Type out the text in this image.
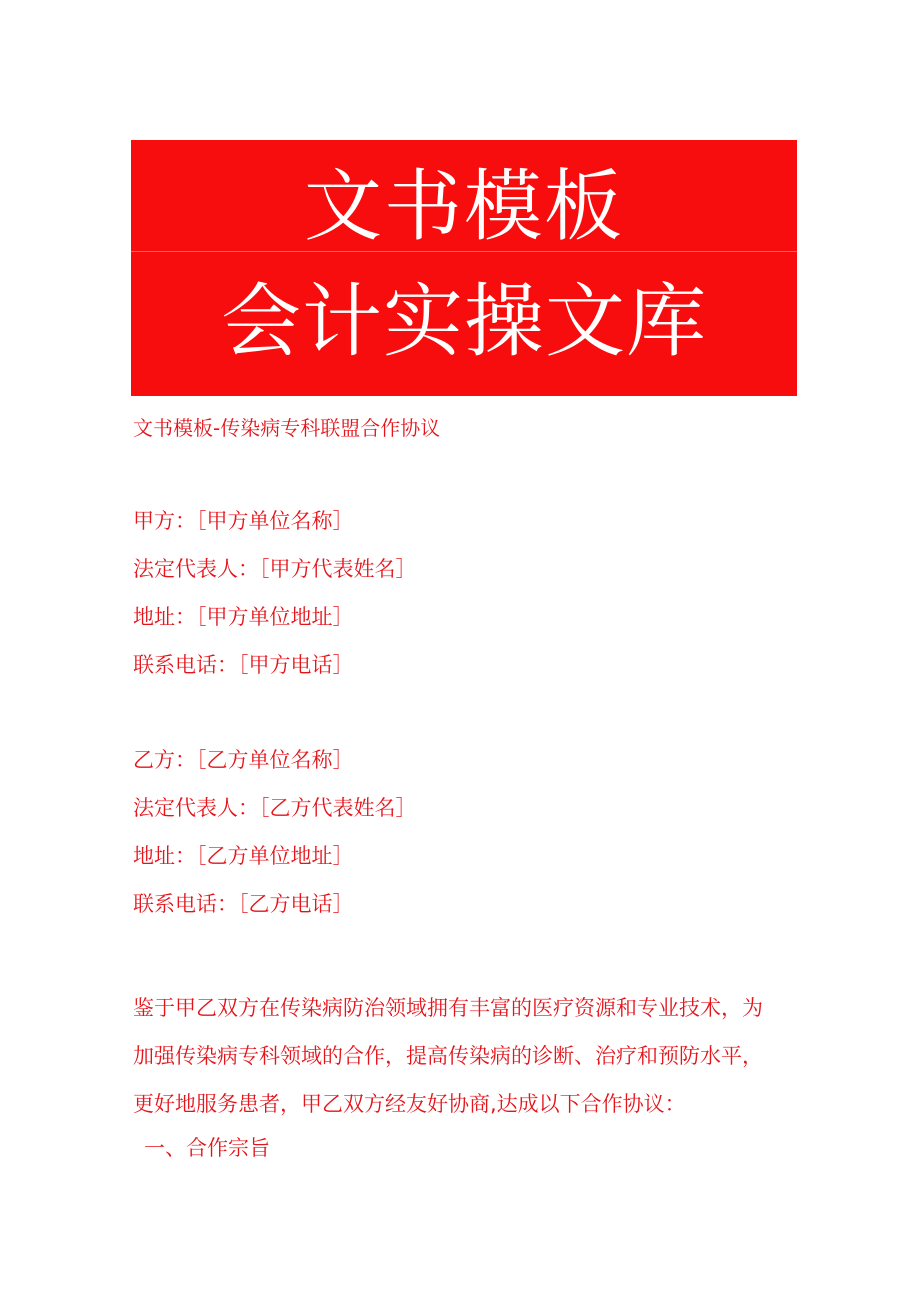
文书模板
会计实操文库
文书模板-传染病专科联盟合作协议
甲方：［甲方单位名称］
法定代表人：［甲方代表姓名］
地址：［甲方单位地址］
联系电话：［甲方电话］
乙方：［乙方单位名称］
法定代表人：［乙方代表姓名］
地址：［乙方单位地址］
联系电话：［乙方电话］
鉴于甲乙双方在传染病防治领域拥有丰富的医疗资源和专业技术，为
加强传染病专科领域的合作，提高传染病的诊断、治疗和预防水平，
更好地服务患者，甲乙双方经友好协商,达成以下合作协议：
一、合作宗旨
